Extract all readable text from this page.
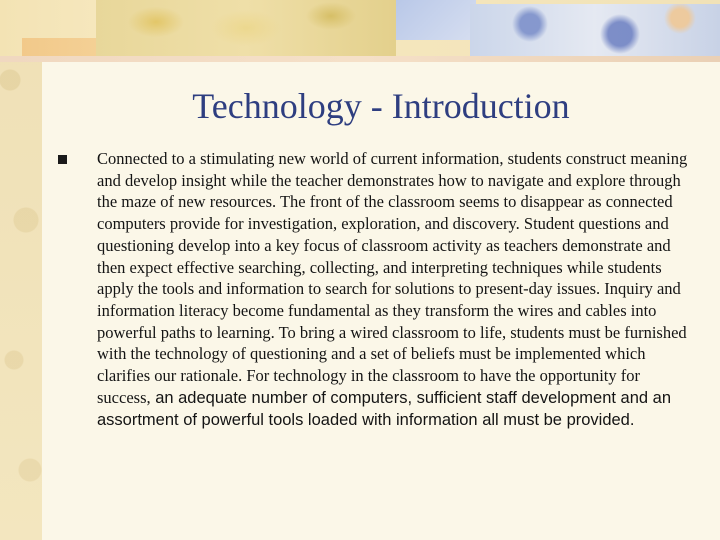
Technology - Introduction
Connected to a stimulating new world of current information, students construct meaning and develop insight while the teacher demonstrates how to navigate and explore through the maze of new resources. The front of the classroom seems to disappear as connected computers provide for investigation, exploration, and discovery. Student questions and questioning develop into a key focus of classroom activity as teachers demonstrate and then expect effective searching, collecting, and interpreting techniques while students apply the tools and information to search for solutions to present-day issues. Inquiry and information literacy become fundamental as they transform the wires and cables into powerful paths to learning. To bring a wired classroom to life, students must be furnished with the technology of questioning and a set of beliefs must be implemented which clarifies our rationale. For technology in the classroom to have the opportunity for success, an adequate number of computers, sufficient staff development and an assortment of powerful tools loaded with information all must be provided.
